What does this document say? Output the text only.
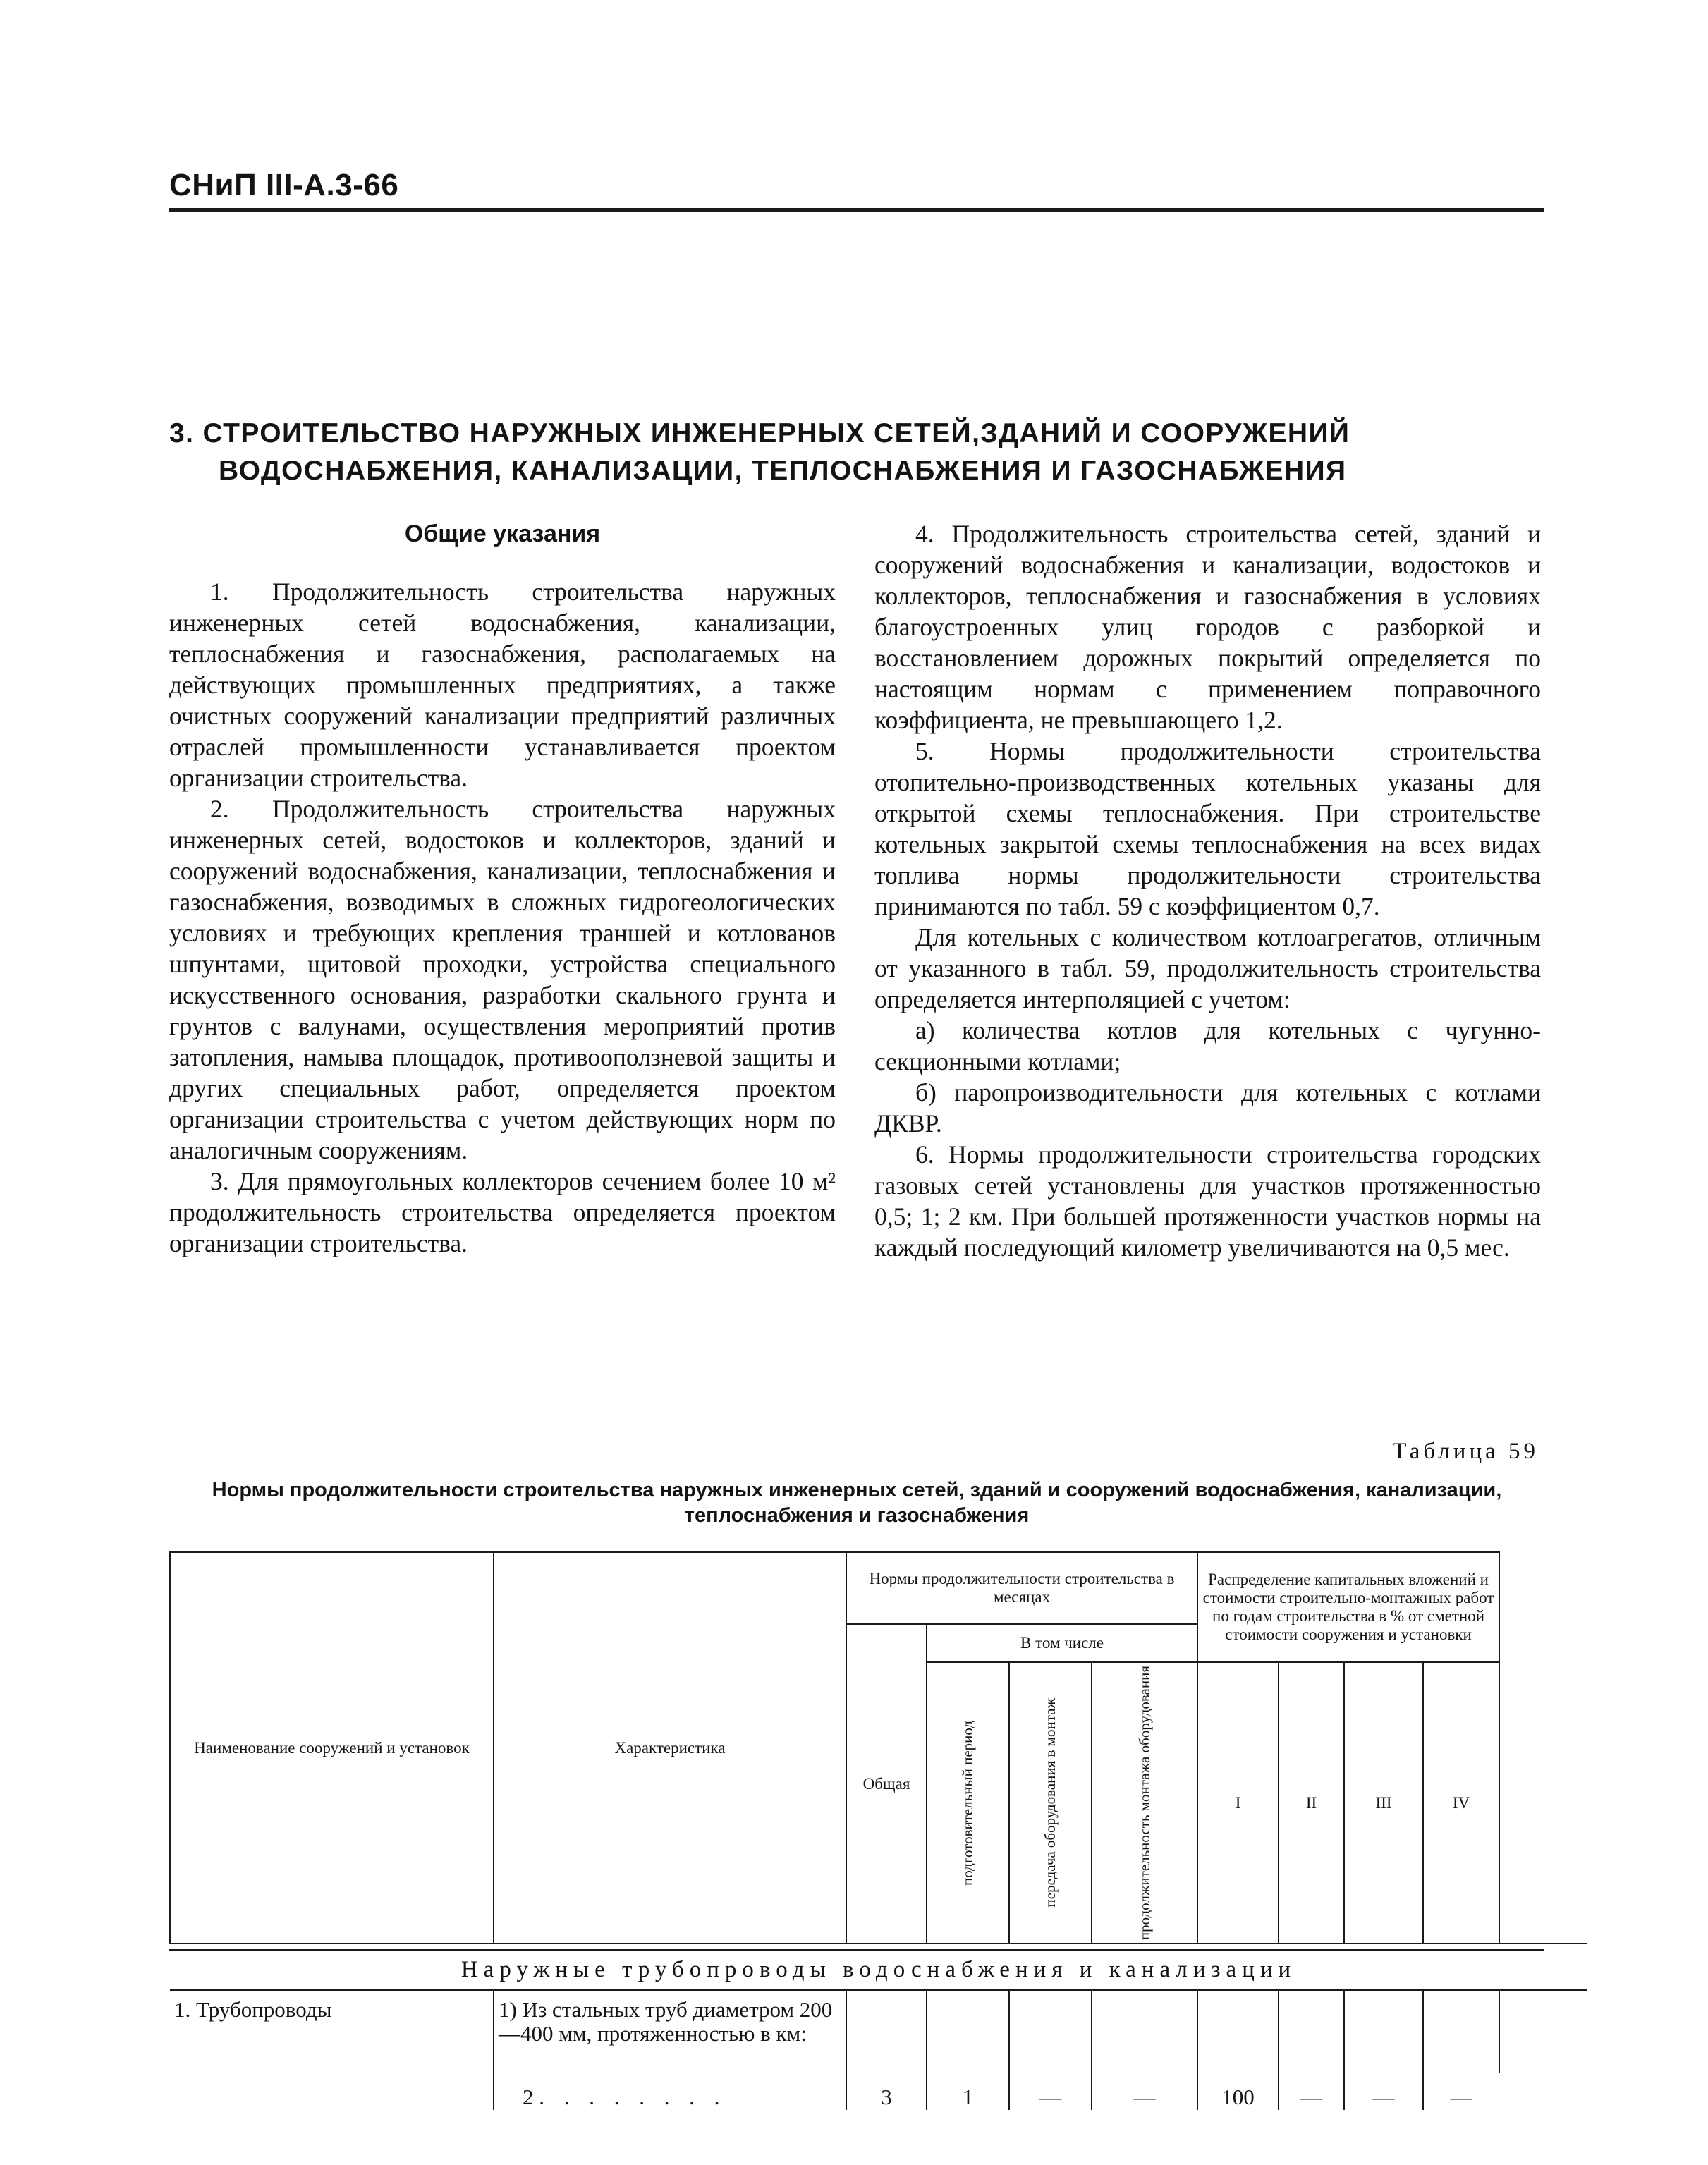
СНиП III-А.3-66
3. СТРОИТЕЛЬСТВО НАРУЖНЫХ ИНЖЕНЕРНЫХ СЕТЕЙ,ЗДАНИЙ И СООРУЖЕНИЙ
ВОДОСНАБЖЕНИЯ, КАНАЛИЗАЦИИ, ТЕПЛОСНАБЖЕНИЯ И ГАЗОСНАБЖЕНИЯ

Общие указания

1. Продолжительность строительства наружных инженерных сетей водоснабжения, канализации, теплоснабжения и газоснабжения, располагаемых на действующих промышленных предприятиях, а также очистных сооружений канализации предприятий различных отраслей промышленности устанавливается проектом организации строительства.

2. Продолжительность строительства наружных инженерных сетей, водостоков и коллекторов, зданий и сооружений водоснабжения, канализации, теплоснабжения и газоснабжения, возводимых в сложных гидрогеологических условиях и требующих крепления траншей и котлованов шпунтами, щитовой проходки, устройства специального искусственного основания, разработки скального грунта и грунтов с валунами, осуществления мероприятий против затопления, намыва площадок, противооползневой защиты и других специальных работ, определяется проектом организации строительства с учетом действующих норм по аналогичным сооружениям.

3. Для прямоугольных коллекторов сечением более 10 м² продолжительность строительства определяется проектом организации строительства.

4. Продолжительность строительства сетей, зданий и сооружений водоснабжения и канализации, водостоков и коллекторов, теплоснабжения и газоснабжения в условиях благоустроенных улиц городов с разборкой и восстановлением дорожных покрытий определяется по настоящим нормам с применением поправочного коэффициента, не превышающего 1,2.

5. Нормы продолжительности строительства отопительно-производственных котельных указаны для открытой схемы теплоснабжения. При строительстве котельных закрытой схемы теплоснабжения на всех видах топлива нормы продолжительности строительства принимаются по табл. 59 с коэффициентом 0,7.

Для котельных с количеством котлоагрегатов, отличным от указанного в табл. 59, продолжительность строительства определяется интерполяцией с учетом:

а) количества котлов для котельных с чугунно-секционными котлами;

б) паропроизводительности для котельных с котлами ДКВР.

6. Нормы продолжительности строительства городских газовых сетей установлены для участков протяженностью 0,5; 1; 2 км. При большей протяженности участков нормы на каждый последующий километр увеличиваются на 0,5 мес.

Таблица 59
Нормы продолжительности строительства наружных инженерных сетей, зданий и сооружений водоснабжения, канализации, теплоснабжения и газоснабжения
Наименование сооружений и установок	Характеристика	Нормы продолжительности строительства в месяцах				Распределение капитальных вложений и стоимости строительно-монтажных работ по годам строительства в % от сметной стоимости сооружения и установки				
		Общая	В том числе							

			подготовительный период	передача оборудования в монтаж	продолжительность монтажа оборудования	I	II	III	IV	
Наружные трубопроводы водоснабжения и канализации										
1. Трубопроводы	1) Из стальных труб диаметром 200—400 мм, протяженностью в км:									
	2 . . . . . . . .	3	1	—	—	100	—	—	—	
